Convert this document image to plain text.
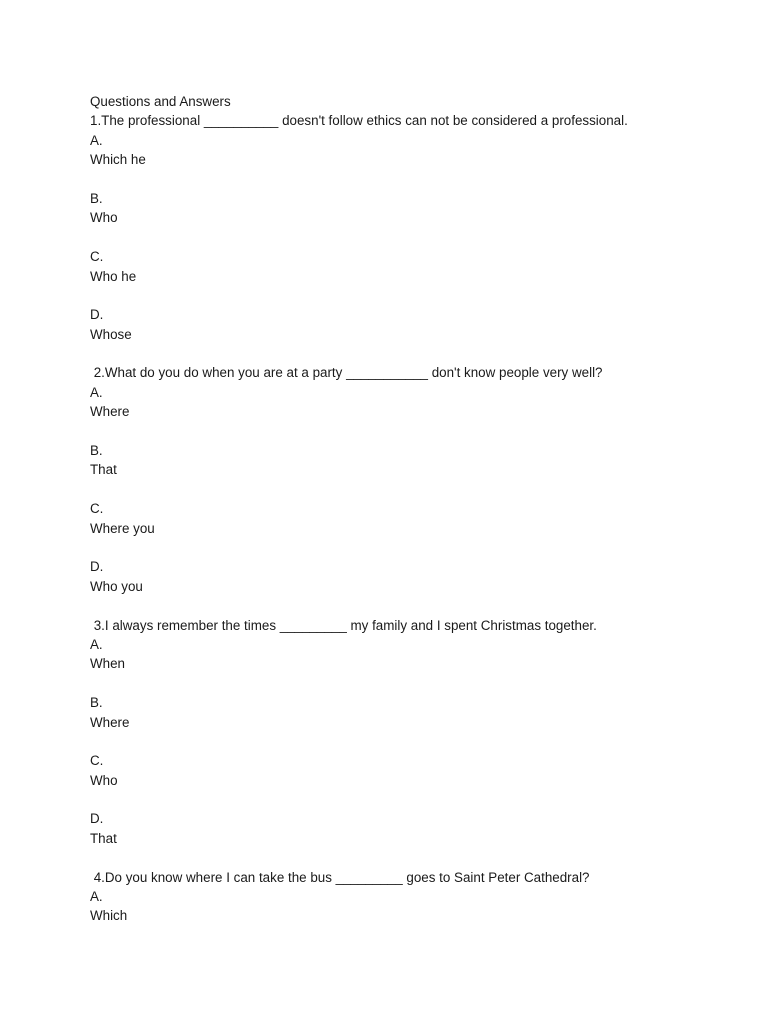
Questions and Answers
1.The professional __________ doesn't follow ethics can not be considered a professional.
A.
Which he
B.
Who
C.
Who he
D.
Whose
2.What do you do when you are at a party ___________ don't know people very well?
A.
Where
B.
That
C.
Where you
D.
Who you
3.I always remember the times _________ my family and I spent Christmas together.
A.
When
B.
Where
C.
Who
D.
That
4.Do you know where I can take the bus _________ goes to Saint Peter Cathedral?
A.
Which
